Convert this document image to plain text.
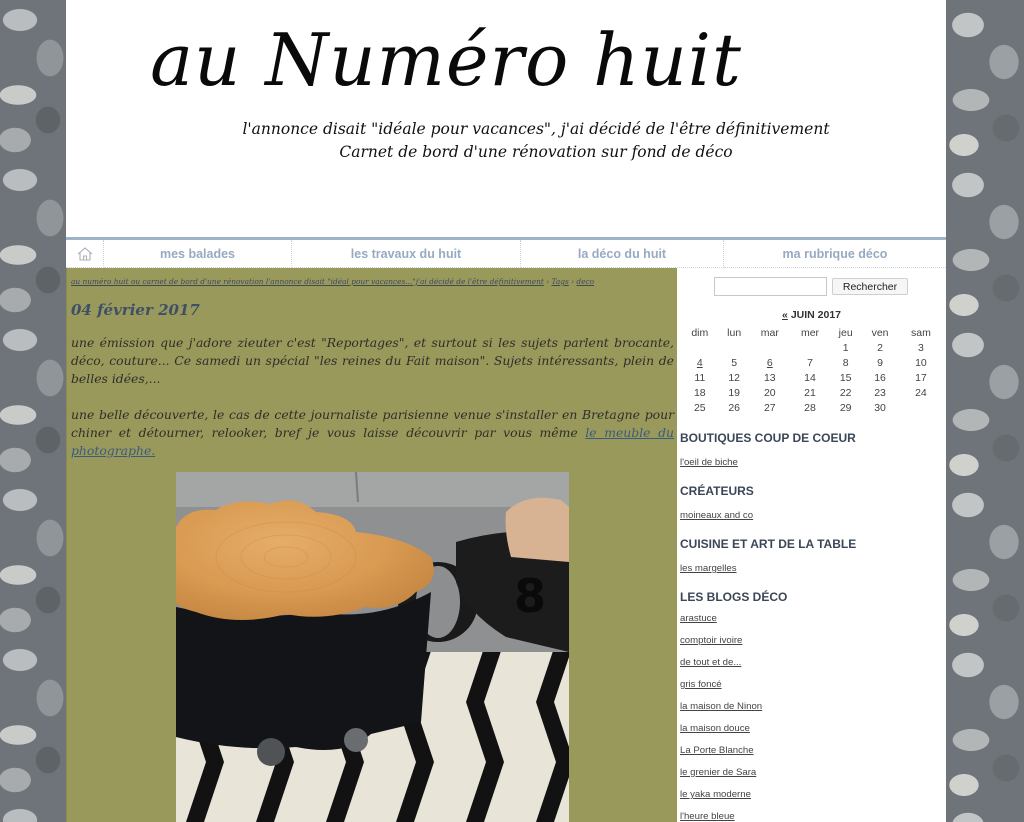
au Numéro huit
l'annonce disait "idéale pour vacances", j'ai décidé de l'être définitivement
Carnet de bord d'une rénovation sur fond de déco
mes balades	les travaux du huit	la déco du huit	ma rubrique déco
au numéro huit ou carnet de bord d'une rénovation l'annonce disait "idéal pour vacances..."j'ai décidé de l'être définitivement › Tags › deco
04 février 2017

une émission que j'adore zieuter c'est "Reportages", et surtout si les sujets parlent brocante, déco, couture... Ce samedi un spécial "les reines du Fait maison". Sujets intéressants, plein de belles idées,...

une belle découverte, le cas de cette journaliste parisienne venue s'installer en Bretagne pour chiner et détourner, relooker, bref je vous laisse découvrir par vous même le meuble du photographe.

8
Rechercher
« JUIN 2017
dim	lun	mar	mer	jeu	ven	sam
				1	2	3
4	5	6	7	8	9	10
11	12	13	14	15	16	17
18	19	20	21	22	23	24
25	26	27	28	29	30	
BOUTIQUES COUP DE COEUR
l'oeil de biche
CRÉATEURS
moineaux and co
CUISINE ET ART DE LA TABLE
les margelles
LES BLOGS DÉCO
arastuce
comptoir ivoire
de tout et de...
gris foncé
la maison de Ninon
la maison douce
La Porte Blanche
le grenier de Sara
le yaka moderne
l'heure bleue
